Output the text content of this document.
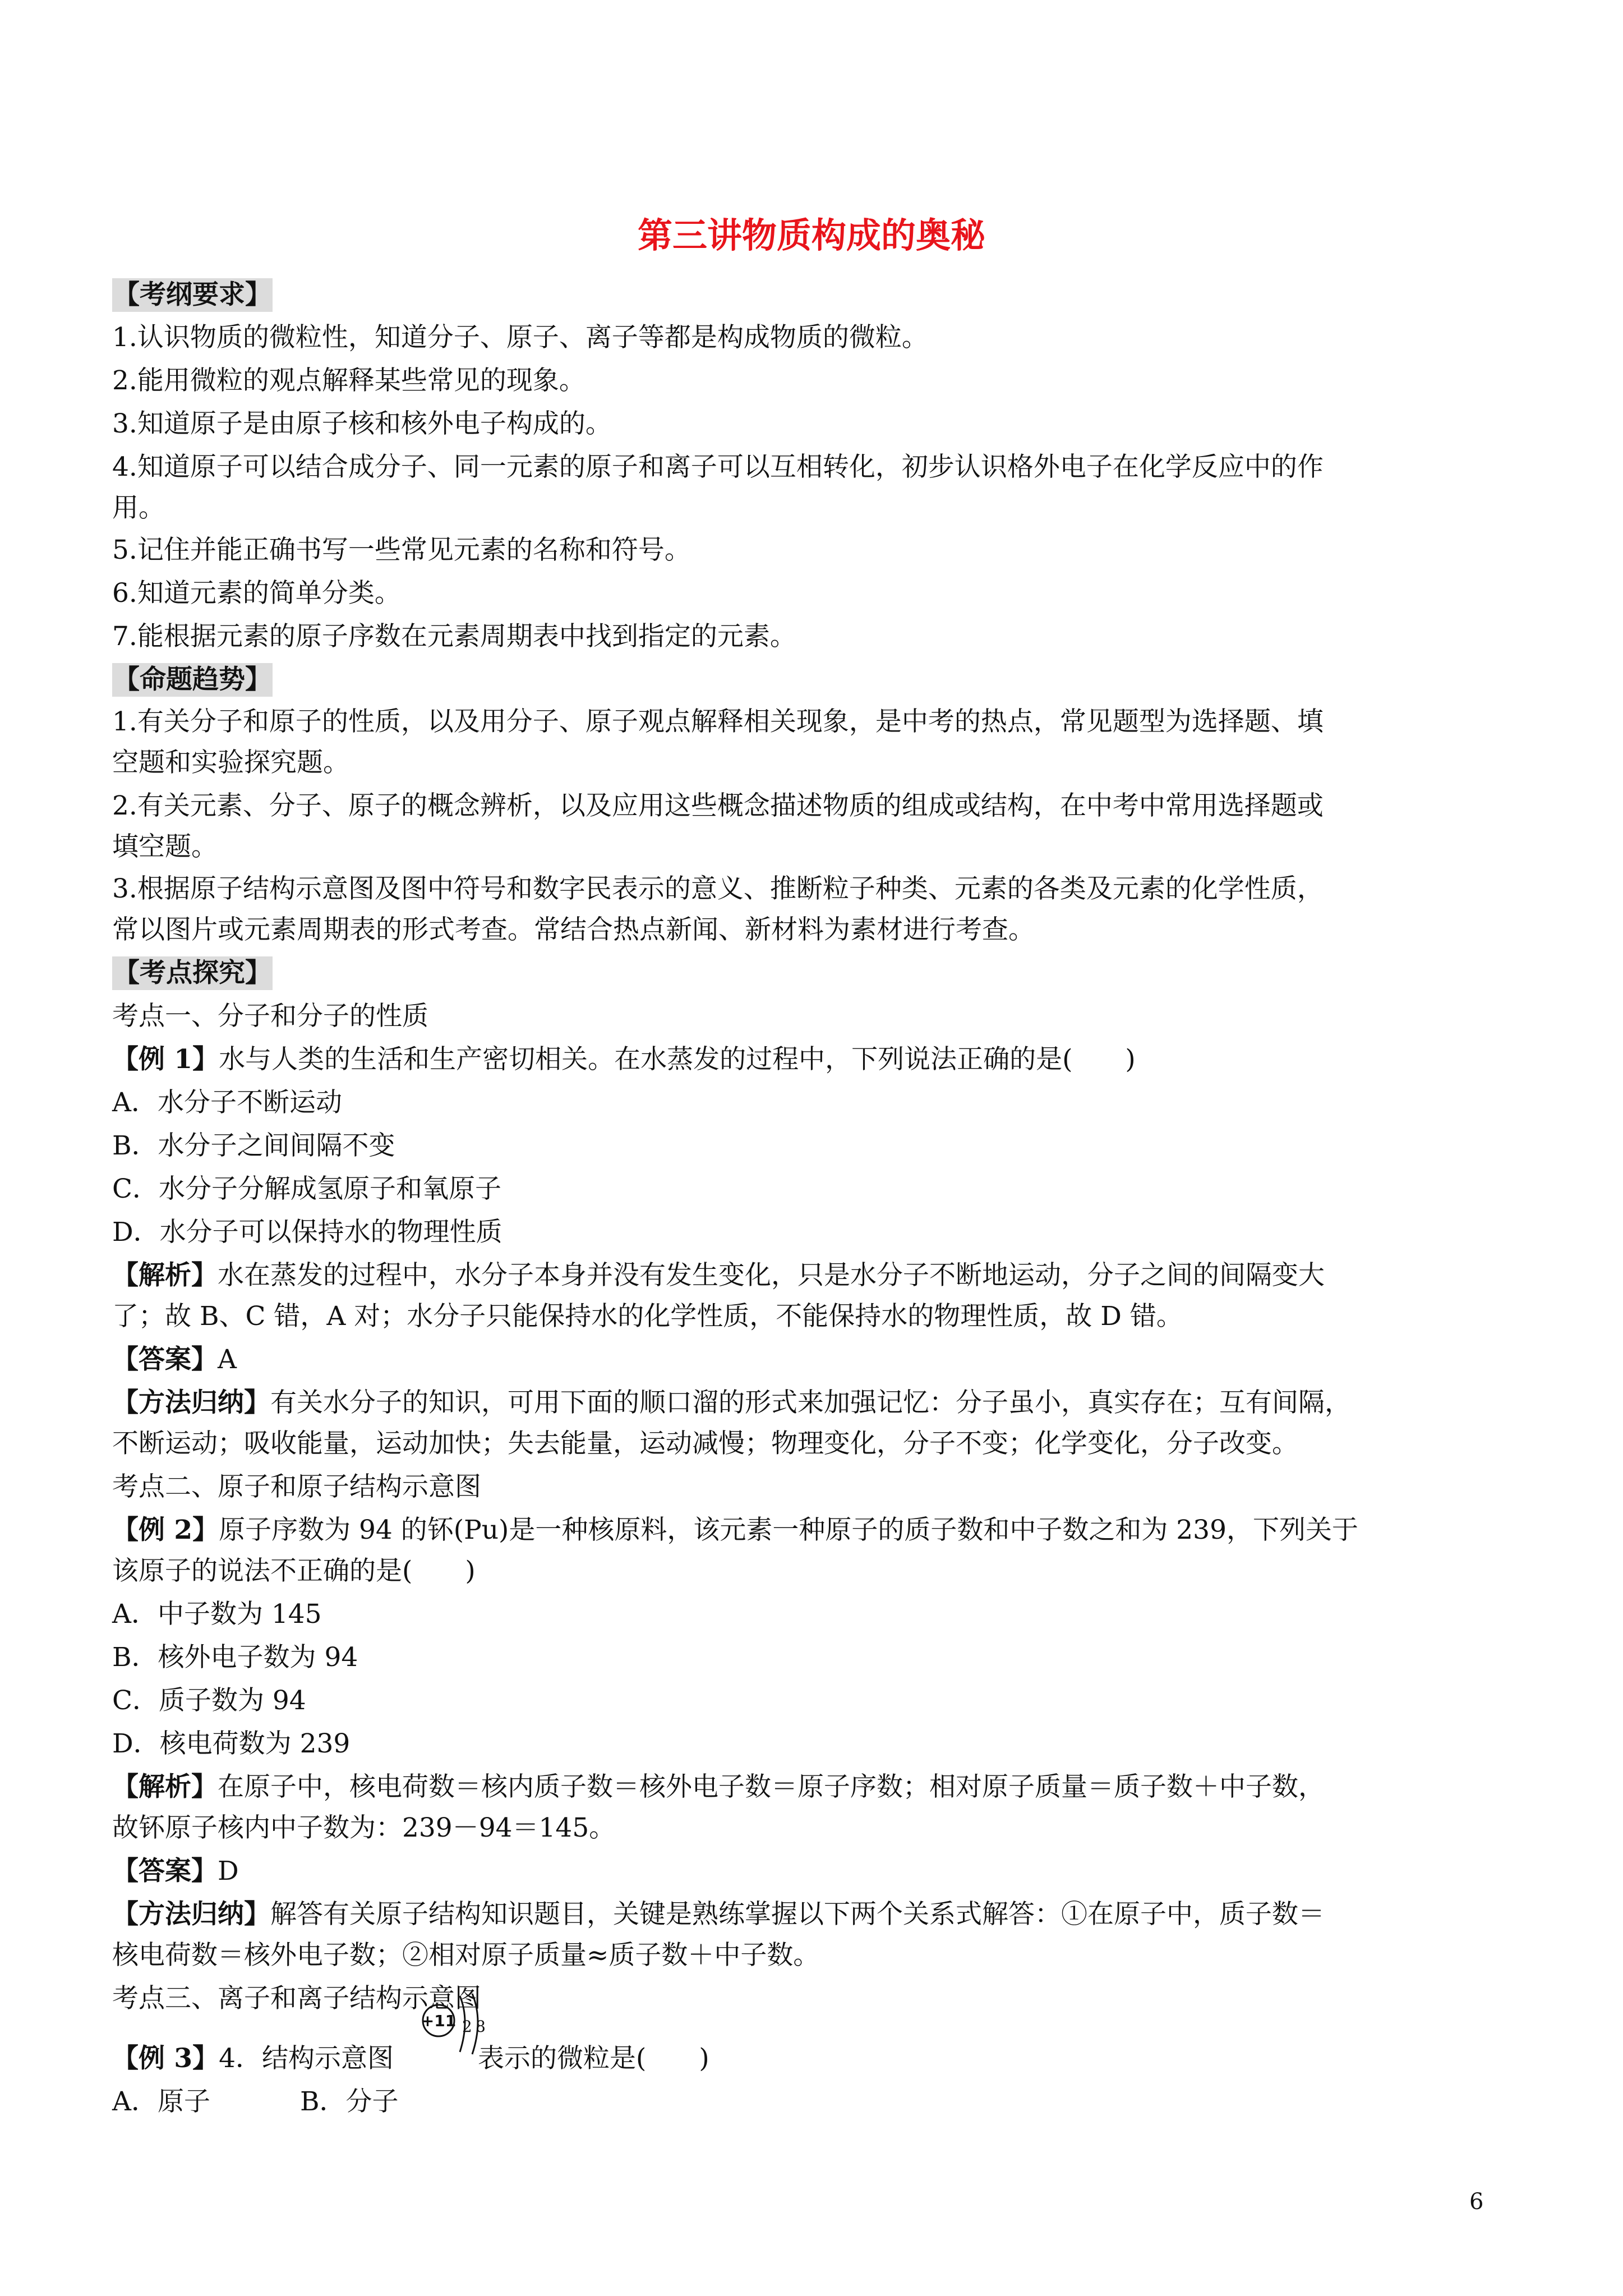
第三讲物质构成的奥秘
【考纲要求】
1.认识物质的微粒性，知道分子、原子、离子等都是构成物质的微粒。
2.能用微粒的观点解释某些常见的现象。
3.知道原子是由原子核和核外电子构成的。
4.知道原子可以结合成分子、同一元素的原子和离子可以互相转化，初步认识格外电子在化学反应中的作
用。
5.记住并能正确书写一些常见元素的名称和符号。
6.知道元素的简单分类。
7.能根据元素的原子序数在元素周期表中找到指定的元素。
【命题趋势】
1.有关分子和原子的性质，以及用分子、原子观点解释相关现象，是中考的热点，常见题型为选择题、填
空题和实验探究题。
2.有关元素、分子、原子的概念辨析，以及应用这些概念描述物质的组成或结构，在中考中常用选择题或
填空题。
3.根据原子结构示意图及图中符号和数字民表示的意义、推断粒子种类、元素的各类及元素的化学性质，
常以图片或元素周期表的形式考查。常结合热点新闻、新材料为素材进行考查。
【考点探究】
考点一、分子和分子的性质
【例 1】水与人类的生活和生产密切相关。在水蒸发的过程中，下列说法正确的是(　　)
A．水分子不断运动
B．水分子之间间隔不变
C．水分子分解成氢原子和氧原子
D．水分子可以保持水的物理性质
【解析】水在蒸发的过程中，水分子本身并没有发生变化，只是水分子不断地运动，分子之间的间隔变大
了；故 B、C 错，A 对；水分子只能保持水的化学性质，不能保持水的物理性质，故 D 错。
【答案】A
【方法归纳】有关水分子的知识，可用下面的顺口溜的形式来加强记忆：分子虽小，真实存在；互有间隔，
不断运动；吸收能量，运动加快；失去能量，运动减慢；物理变化，分子不变；化学变化，分子改变。
考点二、原子和原子结构示意图
【例 2】原子序数为 94 的钚(Pu)是一种核原料，该元素一种原子的质子数和中子数之和为 239，下列关于
该原子的说法不正确的是(　　)
A．中子数为 145
B．核外电子数为 94
C．质子数为 94
D．核电荷数为 239
【解析】在原子中，核电荷数＝核内质子数＝核外电子数＝原子序数；相对原子质量＝质子数＋中子数，
故钚原子核内中子数为：239－94＝145。
【答案】D
【方法归纳】解答有关原子结构知识题目，关键是熟练掌握以下两个关系式解答：①在原子中，质子数＝
核电荷数＝核外电子数；②相对原子质量≈质子数＋中子数。
考点三、离子和离子结构示意图
【例 3】4．结构示意图	表示的微粒是(　　)
+11 2 8
A．原子	B．分子
6
